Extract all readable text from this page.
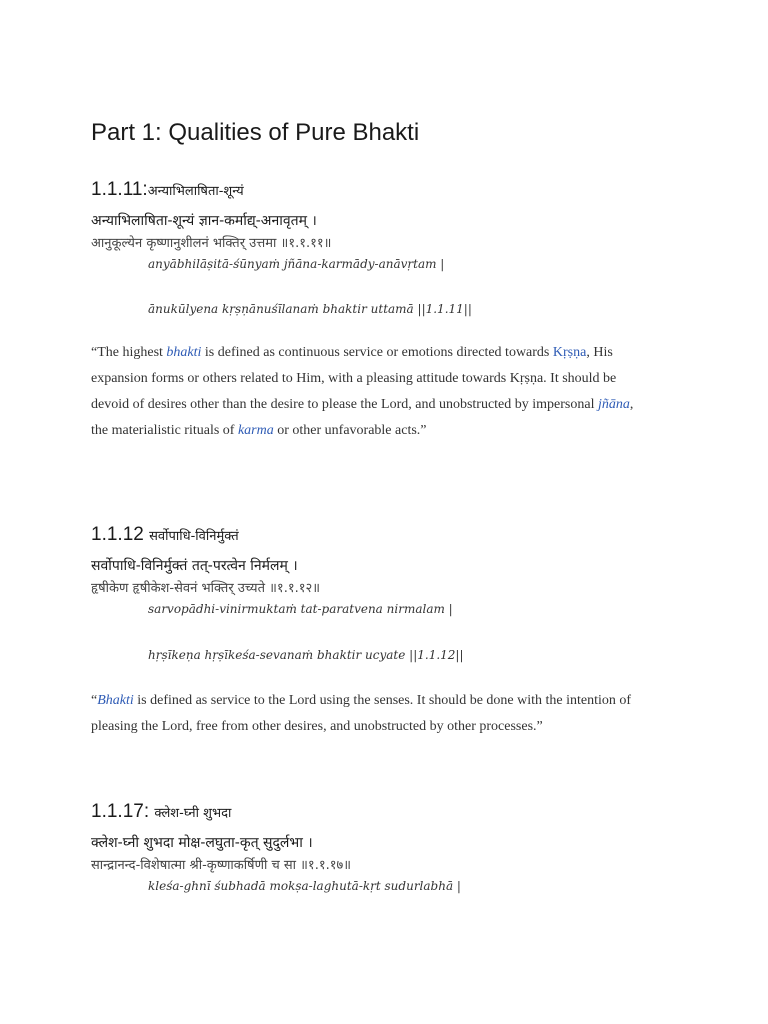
Part 1: Qualities of Pure Bhakti
1.1.11:अन्याभिलाषिता-शून्यं
अन्याभिलाषिता-शून्यं ज्ञान-कर्माद्य्-अनावृतम् ।
आनुकूल्येन कृष्णानुशीलनं भक्तिर् उत्तमा ॥१.१.११॥
anyābhilāṣitā-śūnyaṁ jñāna-karmādy-anāvṛtam |
ānukūlyena kṛṣṇānuśīlanaṁ bhaktir uttamā ||1.1.11||
“The highest bhakti is defined as continuous service or emotions directed towards Kṛṣṇa, His
expansion forms or others related to Him, with a pleasing attitude towards Kṛṣṇa. It should be
devoid of desires other than the desire to please the Lord, and unobstructed by impersonal jñāna,
the materialistic rituals of karma or other unfavorable acts.”
1.1.12 सर्वोपाधि-विनिर्मुक्तं
सर्वोपाधि-विनिर्मुक्तं तत्-परत्वेन निर्मलम् ।
हृषीकेण हृषीकेश-सेवनं भक्तिर् उच्यते ॥१.१.१२॥
sarvopādhi-vinirmuktaṁ tat-paratvena nirmalam |
hṛṣīkeṇa hṛṣīkeśa-sevanaṁ bhaktir ucyate ||1.1.12||
“Bhakti is defined as service to the Lord using the senses. It should be done with the intention of
pleasing the Lord, free from other desires, and unobstructed by other processes.”
1.1.17: क्लेश-घ्नी शुभदा
क्लेश-घ्नी शुभदा मोक्ष-लघुता-कृत् सुदुर्लभा ।
सान्द्रानन्द-विशेषात्मा श्री-कृष्णाकर्षिणी च सा ॥१.१.१७॥
kleśa-ghnī śubhadā mokṣa-laghutā-kṛt sudurlabhā |
